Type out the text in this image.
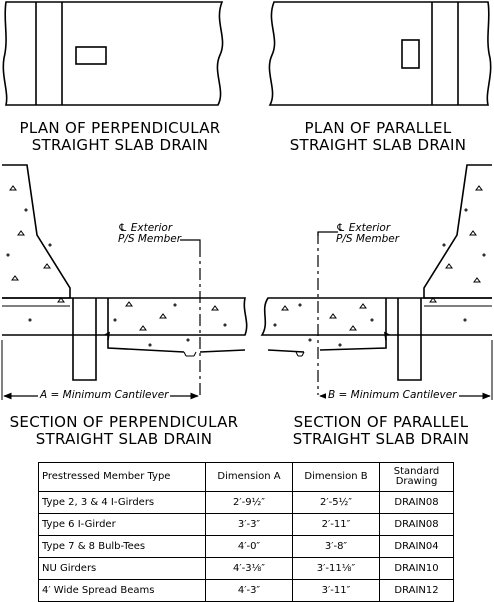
PLAN OF PERPENDICULAR
STRAIGHT SLAB DRAIN
PLAN OF PARALLEL
STRAIGHT SLAB DRAIN
℄ Exterior
P/S Member
℄ Exterior
P/S Member
A = Minimum Cantilever	B = Minimum Cantilever
SECTION OF PERPENDICULAR
STRAIGHT SLAB DRAIN
SECTION OF PARALLEL
STRAIGHT SLAB DRAIN
Prestressed Member Type	Dimension A	Dimension B	Standard
Drawing

Type 2, 3 & 4 I-Girders	2′-9½″	2′-5½″	DRAIN08
Type 6 I-Girder	3′-3″	2′-11″	DRAIN08
Type 7 & 8 Bulb-Tees	4′-0″	3′-8″	DRAIN04
NU Girders	4′-3⅛″	3′-11⅛″	DRAIN10
4′ Wide Spread Beams	4′-3″	3′-11″	DRAIN12
